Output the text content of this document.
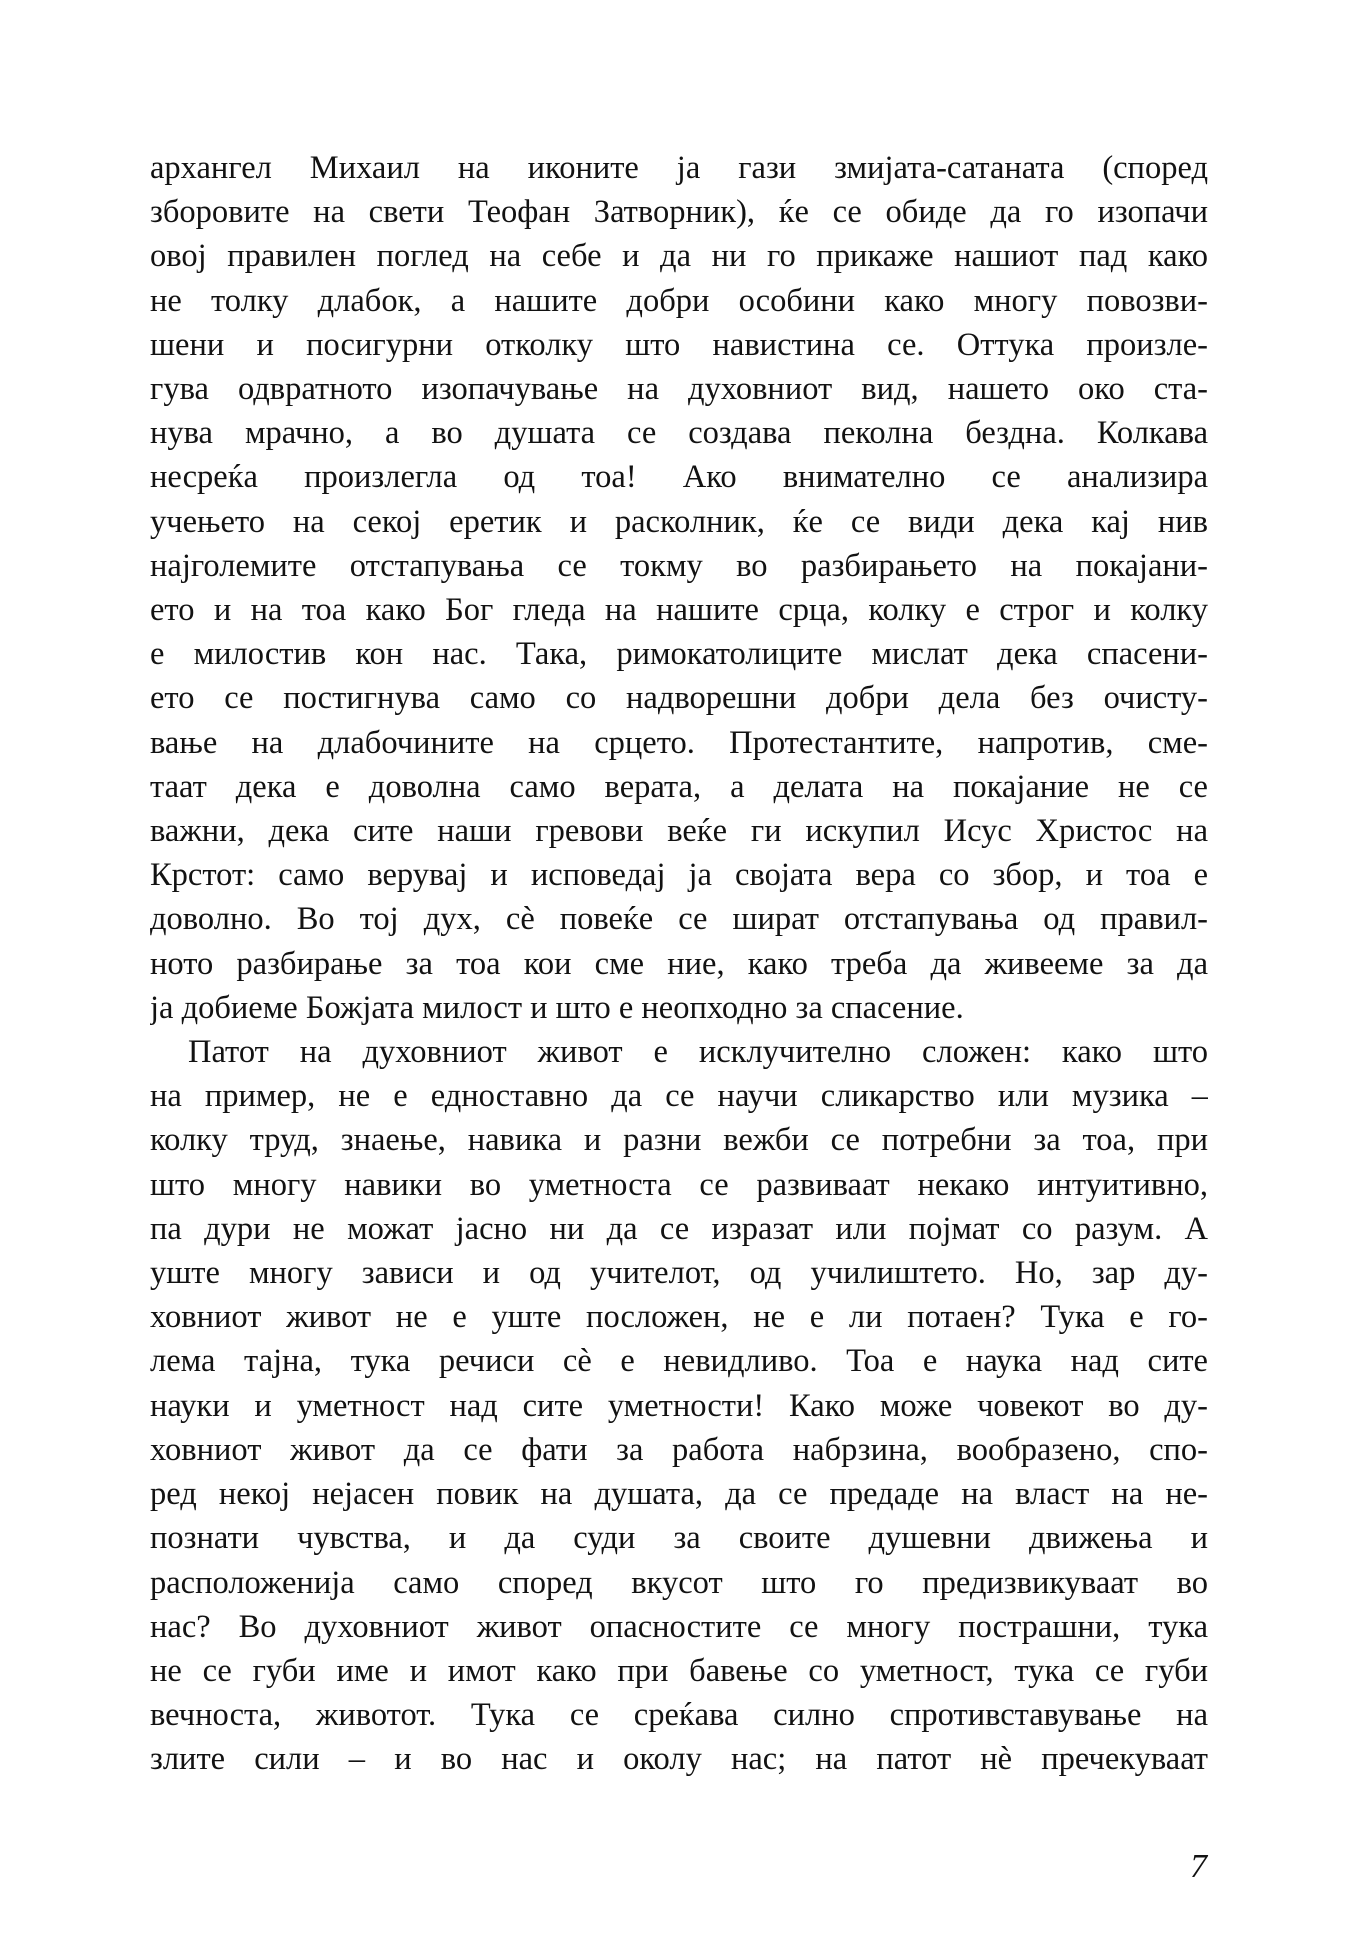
архангел Михаил на иконите ја гази змијата-сатаната (според
зборовите на свети Теофан Затворник), ќе се обиде да го изопачи
овој правилен поглед на себе и да ни го прикаже нашиот пад како
не толку длабок, а нашите добри особини како многу повозви-
шени и посигурни отколку што навистина се. Оттука произле-
гува одвратното изопачување на духовниот вид, нашето око ста-
нува мрачно, а во душата се создава пеколна бездна. Колкава
несреќа произлегла од тоа! Ако внимателно се анализира
учењето на секој еретик и расколник, ќе се види дека кај нив
најголемите отстапувања се токму во разбирањето на покајани-
ето и на тоа како Бог гледа на нашите срца, колку е строг и колку
е милостив кон нас. Така, римокатолиците мислат дека спасени-
ето се постигнува само со надворешни добри дела без очисту-
вање на длабочините на срцето. Протестантите, напротив, сме-
таат дека е доволна само верата, а делата на покајание не се
важни, дека сите наши гревови веќе ги искупил Исус Христос на
Крстот: само верувај и исповедај ја својата вера со збор, и тоа е
доволно. Во тој дух, сѐ повеќе се шират отстапувања од правил-
ното разбирање за тоа кои сме ние, како треба да живееме за да
ја добиеме Божјата милост и што е неопходно за спасение.
Патот на духовниот живот е исклучително сложен: како што
на пример, не е едноставно да се научи сликарство или музика –
колку труд, знаење, навика и разни вежби се потребни за тоа, при
што многу навики во уметноста се развиваат некако интуитивно,
па дури не можат јасно ни да се изразат или појмат со разум. А
уште многу зависи и од учителот, од училиштето. Но, зар ду-
ховниот живот не е уште посложен, не е ли потаен? Тука е го-
лема тајна, тука речиси сѐ е невидливо. Тоа е наука над сите
науки и уметност над сите уметности! Како може човекот во ду-
ховниот живот да се фати за работа набрзина, вообразено, спо-
ред некој нејасен повик на душата, да се предаде на власт на не-
познати чувства, и да суди за своите душевни движења и
расположенија само според вкусот што го предизвикуваат во
нас? Во духовниот живот опасностите се многу пострашни, тука
не се губи име и имот како при бавење со уметност, тука се губи
вечноста, животот. Тука се среќава силно спротивставување на
злите сили – и во нас и околу нас; на патот нѐ пречекуваат
7
